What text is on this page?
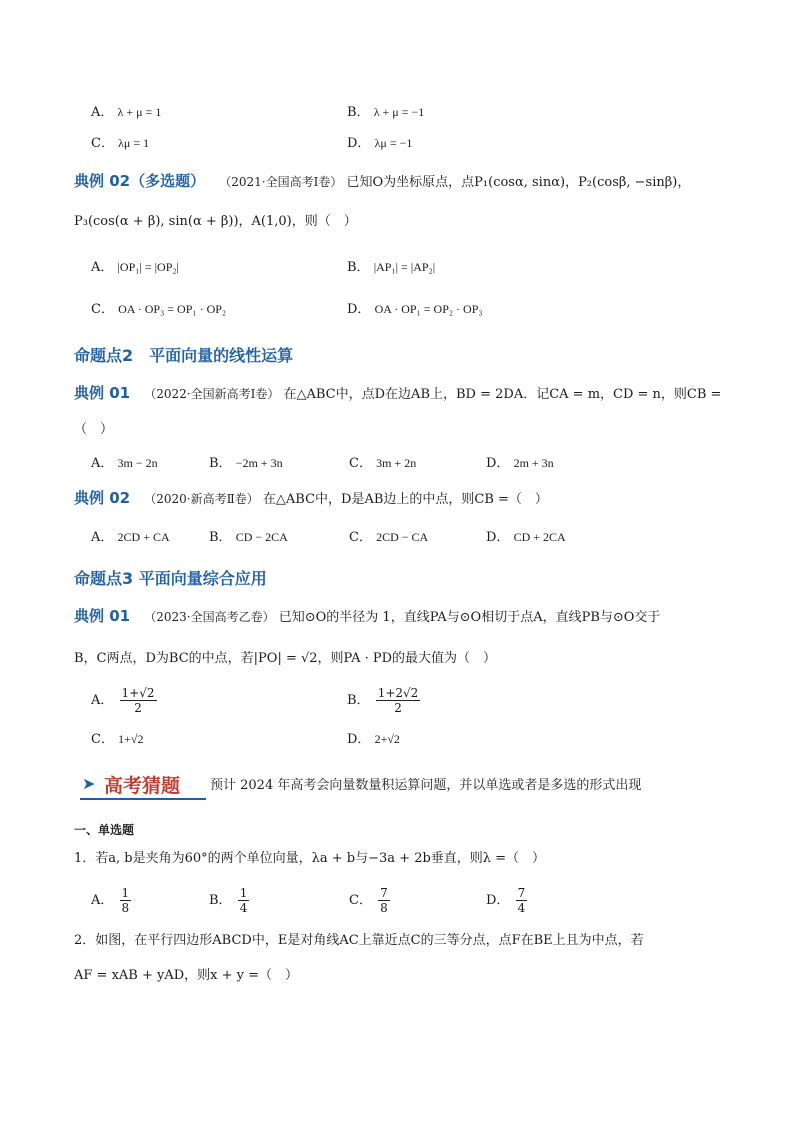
A． λ + μ = 1	B． λ + μ = −1
C． λμ = 1	D． λμ = −1
典例 02（多选题） （2021·全国高考Ⅰ卷） 已知O为坐标原点，点P₁(cosα, sinα)，P₂(cosβ, −sinβ)，
P₃(cos(α + β), sin(α + β))，A(1,0)，则（　）
A． |OP₁| = |OP₂|	B． |AP₁| = |AP₂|
C． OA · OP₃ = OP₁ · OP₂	D． OA · OP₁ = OP₂ · OP₃
命题点2　平面向量的线性运算
典例 01 （2022·全国新高考Ⅰ卷） 在△ABC中，点D在边AB上，BD = 2DA．记CA = m，CD = n，则CB =
（　）
A． 3m − 2n	B． −2m + 3n	C． 3m + 2n	D． 2m + 3n
典例 02 （2020·新高考Ⅱ卷） 在△ABC中，D是AB边上的中点，则CB =（　）
A． 2CD + CA	B． CD − 2CA	C． 2CD − CA	D． CD + 2CA
命题点3 平面向量综合应用
典例 01 （2023·全国高考乙卷） 已知⊙O的半径为 1，直线PA与⊙O相切于点A，直线PB与⊙O交于
B，C两点，D为BC的中点，若|PO| = √2，则PA · PD的最大值为（　）
A． $\frac{1+√2}{2}$	B． $\frac{1+2√2}{2}$
C． 1+√2	D． 2+√2
➤ 高考猜题 预计 2024 年高考会向量数量积运算问题，并以单选或者是多选的形式出现
一、单选题
1．若a, b是夹角为60°的两个单位向量，λa + b与−3a + 2b垂直，则λ =（　）
A． $\frac{1}{8}$	B． $\frac{1}{4}$	C． $\frac{7}{8}$	D． $\frac{7}{4}$
2．如图，在平行四边形ABCD中，E是对角线AC上靠近点C的三等分点，点F在BE上且为中点，若
AF = xAB + yAD，则x + y =（　）
